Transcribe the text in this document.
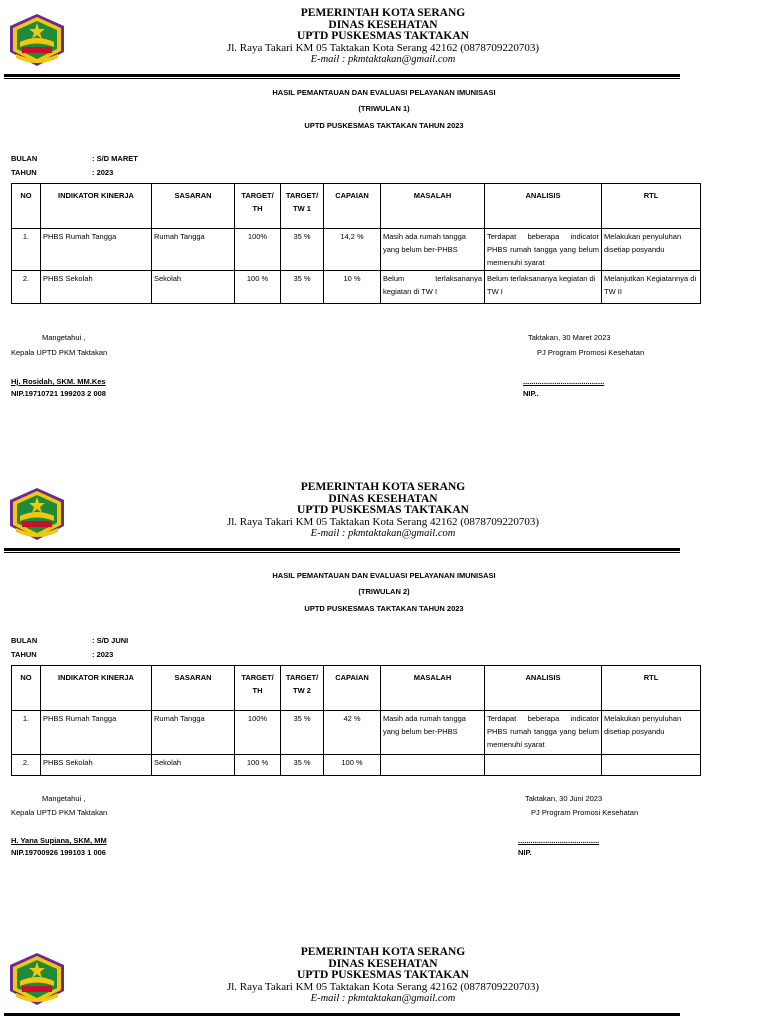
PEMERINTAH KOTA SERANG
DINAS KESEHATAN
UPTD PUSKESMAS TAKTAKAN
Jl. Raya Takari KM 05 Taktakan Kota Serang 42162 (0878709220703)
E-mail : pkmtaktakan@gmail.com
HASIL PEMANTAUAN DAN EVALUASI PELAYANAN IMUNISASI
(TRIWULAN 1)
UPTD PUSKESMAS TAKTAKAN TAHUN 2023
BULAN	: S/D MARET
TAHUN	: 2023
NO	INDIKATOR KINERJA	SASARAN	TARGET/ TH	TARGET/ TW 1	CAPAIAN	MASALAH	ANALISIS	RTL
1.	PHBS Rumah Tangga	Rumah Tangga	100%	35 %	14,2 %	Masih ada rumah tangga yang belum ber-PHBS	Terdapat beberapa indicator PHBS rumah tangga yang belum memenuhi syarat	Melakukan penyuluhan disetiap posyandu
2.	PHBS Sekolah	Sekolah	100 %	35 %	10 %	Belum terlaksananya kegiatan di TW I	Belum terlaksananya kegiatan di TW I	Melanjutkan Kegiatannya di TW II
Mangetahui ,
Kepala UPTD PKM Taktakan
Hj. Rosidah, SKM. MM.Kes
NIP.19710721 199203 2 008
Taktakan, 30 Maret 2023
PJ Program Promosi Kesehatan
.......................................
NIP..
PEMERINTAH KOTA SERANG
DINAS KESEHATAN
UPTD PUSKESMAS TAKTAKAN
Jl. Raya Takari KM 05 Taktakan Kota Serang 42162 (0878709220703)
E-mail : pkmtaktakan@gmail.com
HASIL PEMANTAUAN DAN EVALUASI PELAYANAN IMUNISASI
(TRIWULAN 2)
UPTD PUSKESMAS TAKTAKAN TAHUN 2023
BULAN	: S/D JUNI
TAHUN	: 2023
NO	INDIKATOR KINERJA	SASARAN	TARGET/ TH	TARGET/ TW 2	CAPAIAN	MASALAH	ANALISIS	RTL
1.	PHBS Rumah Tangga	Rumah Tangga	100%	35 %	42 %	Masih ada rumah tangga yang belum ber-PHBS	Terdapat beberapa indicator PHBS rumah tangga yang belum memenuhi syarat	Melakukan penyuluhan disetiap posyandu
2.	PHBS Sekolah	Sekolah	100 %	35 %	100 %			
Mangetahui ,
Kepala UPTD PKM Taktakan
H. Yana Supiana, SKM, MM
NIP.19700926 199103 1 006
Taktakan, 30 Juni 2023
PJ Program Promosi Kesehatan
.......................................
NIP.
PEMERINTAH KOTA SERANG
DINAS KESEHATAN
UPTD PUSKESMAS TAKTAKAN
Jl. Raya Takari KM 05 Taktakan Kota Serang 42162 (0878709220703)
E-mail : pkmtaktakan@gmail.com
